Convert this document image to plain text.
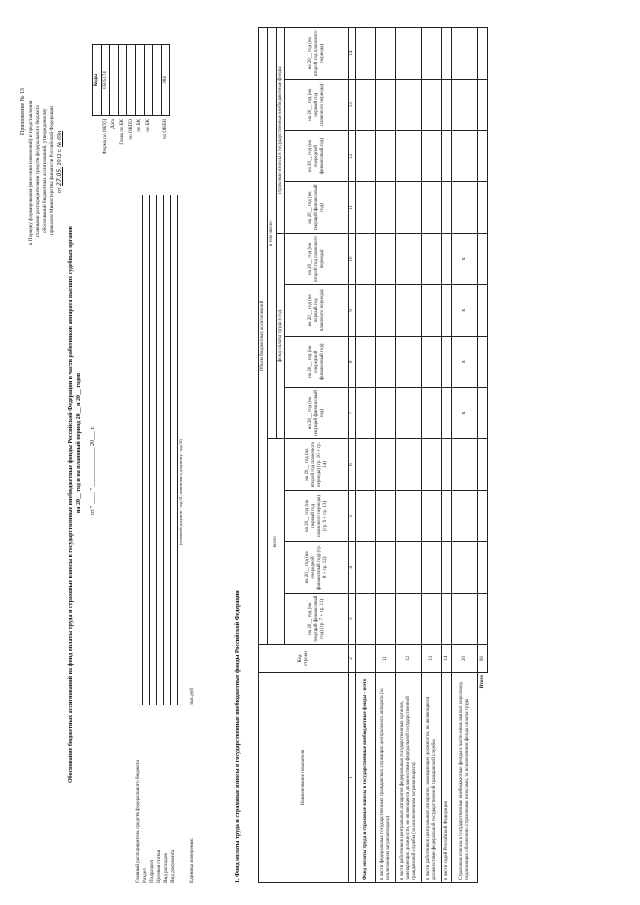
Приложение № 13 к Порядку формирования (внесения изменений) и представления главными распорядителями средств федерального бюджета обоснований бюджетных ассигнований, утвержденному приказом Министерства финансов Российской Федерации от 27.05. 2012 г. № 69н
Обоснование бюджетных ассигнований на фонд оплаты труда и страховые взносы в государственные внебюджетные фонды Российской Федерации в части работников аппарата высших судебных органов на 20__ год и на плановый период 20__ и 20__ годов от " ____ " _____________ 20___ г.
	Коды
Форма по ОКУД	0505174
Дата	
Глава по БК	
по ОКПО	
по БК	
по БК	

по ОКЕИ	384
Главный распорядитель средств федерального бюджета Раздел Подраздел Целевая статья Вид расходов Вид документа
(основной документ - код 01; изменения к документу - код 02)
Единица измерения:
тыс.руб	1. Фонд оплаты труда и страховые взносы в государственные внебюджетные фонды Российской Федерации	Наименование показателя	Код строки	Объем бюджетных ассигнований											
		всего				в том числе:							
						фонд оплаты труда в год				страховые взносы в государственные внебюджетные фонды			
		на 20__ год (на текущий финансовый год) (гр. 7 + гр. 11)	на 20__ год (на очередной финансовый год) (гр. 8 + гр. 12)	на 20__ год (на первый год планового периода) (гр. 9 + гр. 13)	на 20__ год (на второй год планового периода) (гр. 10 + гр. 14)	на 20__ год (на текущий финансовый год)	на 20__ год (на очередной финансовый год)	на 20__ год (на первый год планового периода)	на 20__ год (на второй год планового периода)	на 20__ год (на текущий финансовый год)	на 20__ год (на очередной финансовый год)	на 20__ год (на первый год планового периода)	на 20__ год (на второй год планового периода)
1	2	3	4	5	6	7	8	9	10	11	12	13	14
Фонд оплаты труда и страховые взносы в государственные внебюджетные фонды - всего													
в части федеральных государственных гражданских служащих центрального аппарата (за исключением загранаппарата)	11												
в части работников центральных аппаратов федеральных государственных органов, замещающих должности, не являющиеся должностями федеральной государственной гражданской службы (за исключением загранаппарата)	12												
в части работников центральных аппаратов, замещающих должности, не являющиеся должностями федеральной государственной гражданской службы	13												
в части судей Российской Федерации	14												
Страховые взносы в государственные внебюджетные фонды в части иных выплат персоналу, подлежащих обложению страховыми взносами, за исключением фонда оплаты труда	20					х	х	х	х				
Итого	90												
